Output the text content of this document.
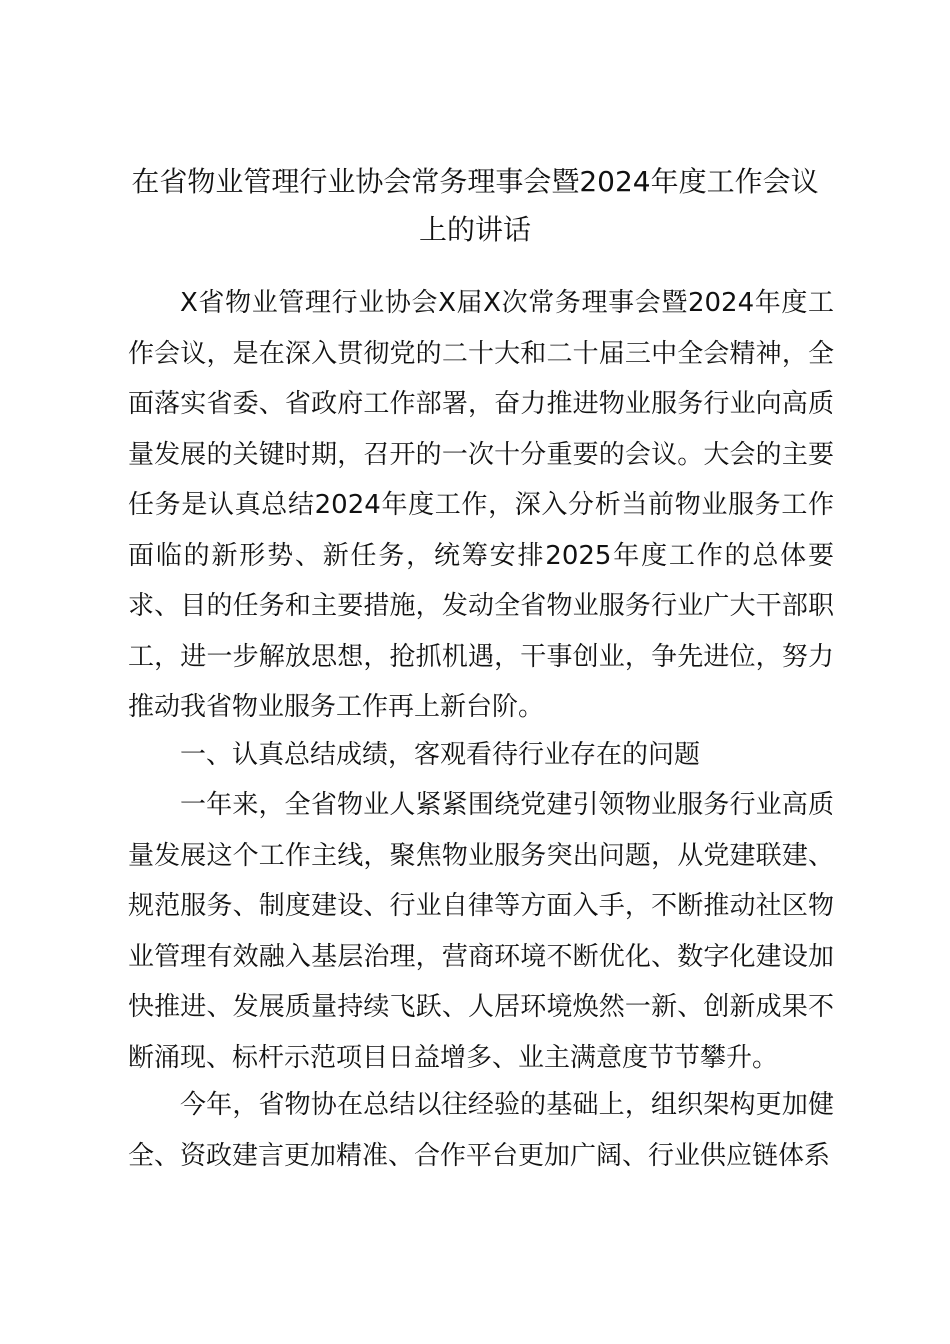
在省物业管理行业协会常务理事会暨2024年度工作会议上的讲话

X省物业管理行业协会X届X次常务理事会暨2024年度工作会议，是在深入贯彻党的二十大和二十届三中全会精神，全面落实省委、省政府工作部署，奋力推进物业服务行业向高质量发展的关键时期，召开的一次十分重要的会议。大会的主要任务是认真总结2024年度工作，深入分析当前物业服务工作面临的新形势、新任务，统筹安排2025年度工作的总体要求、目的任务和主要措施，发动全省物业服务行业广大干部职工，进一步解放思想，抢抓机遇，干事创业，争先进位，努力推动我省物业服务工作再上新台阶。

一、认真总结成绩，客观看待行业存在的问题

一年来，全省物业人紧紧围绕党建引领物业服务行业高质量发展这个工作主线，聚焦物业服务突出问题，从党建联建、规范服务、制度建设、行业自律等方面入手，不断推动社区物业管理有效融入基层治理，营商环境不断优化、数字化建设加快推进、发展质量持续飞跃、人居环境焕然一新、创新成果不断涌现、标杆示范项目日益增多、业主满意度节节攀升。

今年，省物协在总结以往经验的基础上，组织架构更加健全、资政建言更加精准、合作平台更加广阔、行业供应链体系
